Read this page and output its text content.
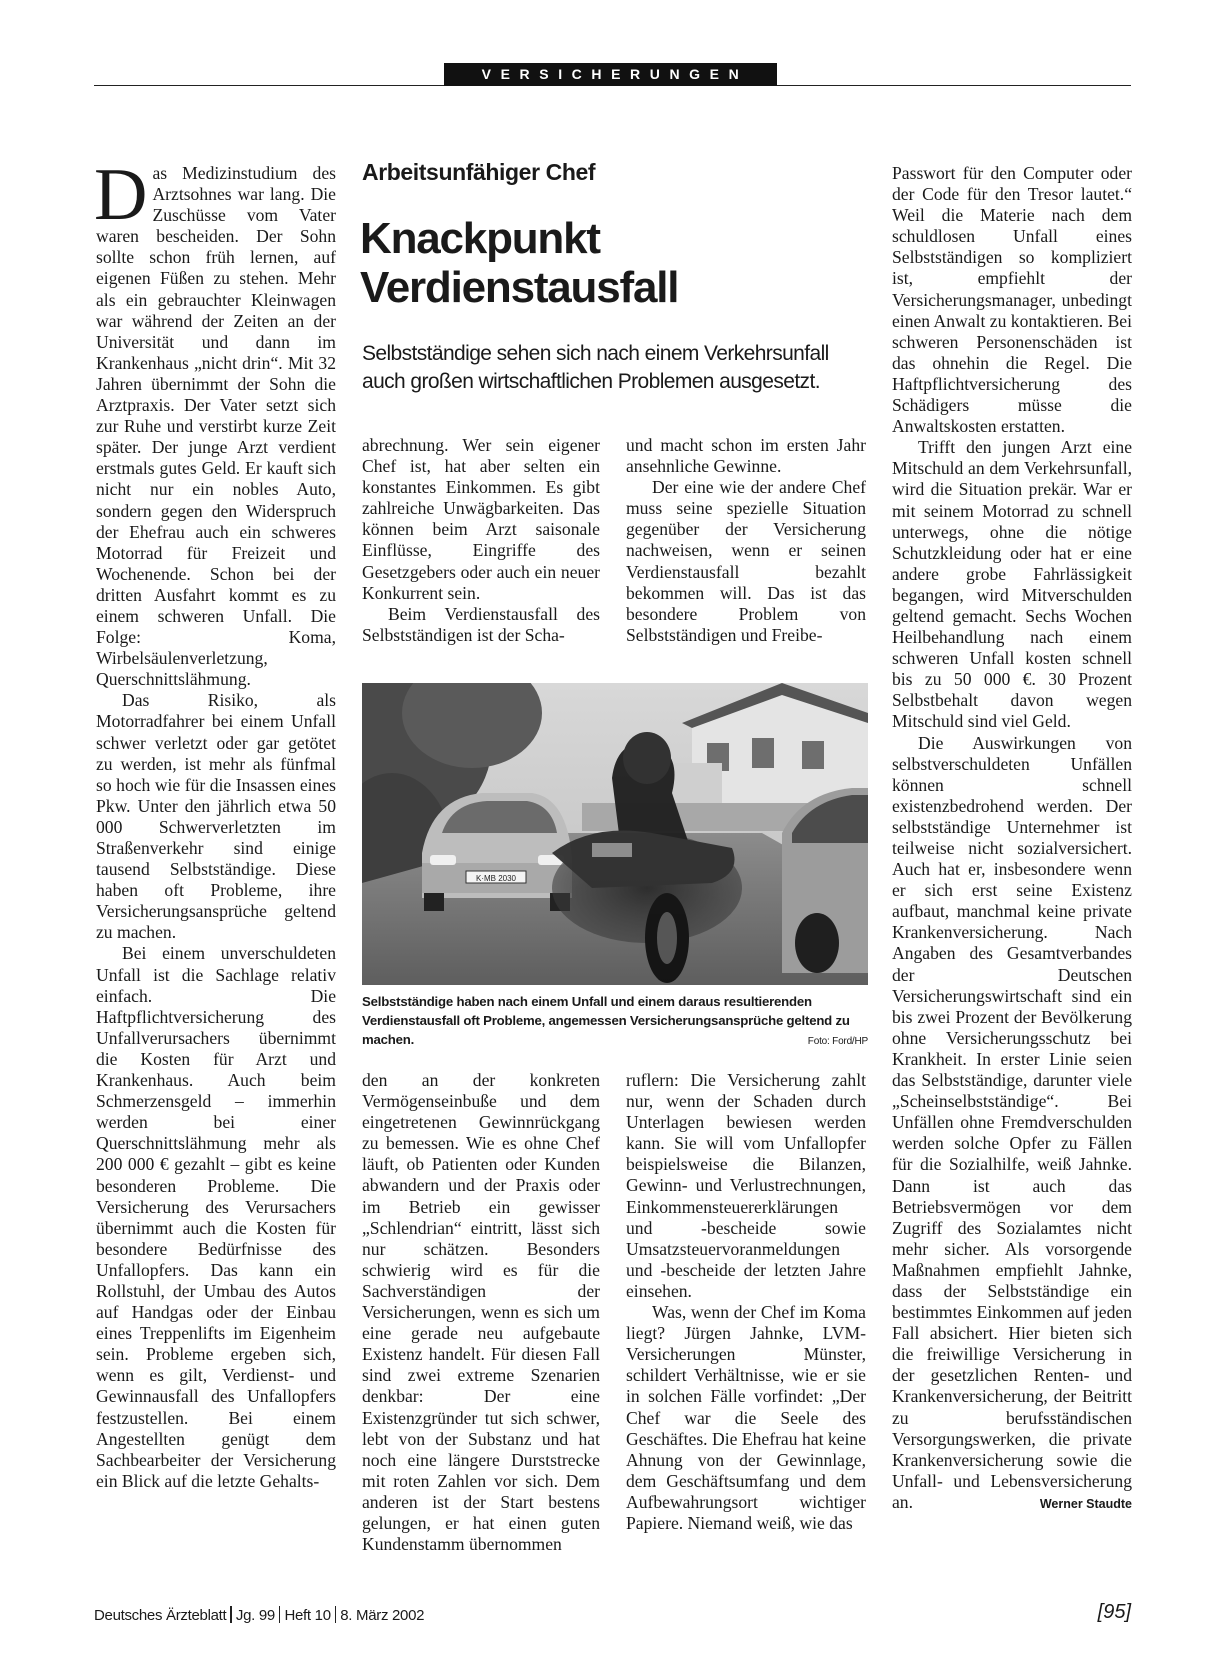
VERSICHERUNGEN

Das Medizinstudium des Arztsohnes war lang. Die Zuschüsse vom Vater waren bescheiden. Der Sohn sollte schon früh lernen, auf eigenen Füßen zu stehen. Mehr als ein gebrauchter Kleinwagen war während der Zeiten an der Universität und dann im Krankenhaus „nicht drin“. Mit 32 Jahren übernimmt der Sohn die Arztpraxis. Der Vater setzt sich zur Ruhe und verstirbt kurze Zeit später. Der junge Arzt verdient erstmals gutes Geld. Er kauft sich nicht nur ein nobles Auto, sondern gegen den Widerspruch der Ehefrau auch ein schweres Motorrad für Freizeit und Wochenende. Schon bei der dritten Ausfahrt kommt es zu einem schweren Unfall. Die Folge: Koma, Wirbelsäulenverletzung, Querschnittslähmung.

Das Risiko, als Motorradfahrer bei einem Unfall schwer verletzt oder gar getötet zu werden, ist mehr als fünfmal so hoch wie für die Insassen eines Pkw. Unter den jährlich etwa 50 000 Schwerverletzten im Straßenverkehr sind einige tausend Selbstständige. Diese haben oft Probleme, ihre Versicherungsansprüche geltend zu machen.

Bei einem unverschuldeten Unfall ist die Sachlage relativ einfach. Die Haftpflichtversicherung des Unfallverursachers übernimmt die Kosten für Arzt und Krankenhaus. Auch beim Schmerzensgeld – immerhin werden bei einer Querschnittslähmung mehr als 200 000 € gezahlt – gibt es keine besonderen Probleme. Die Versicherung des Verursachers übernimmt auch die Kosten für besondere Bedürfnisse des Unfallopfers. Das kann ein Rollstuhl, der Umbau des Autos auf Handgas oder der Einbau eines Treppenlifts im Eigenheim sein. Probleme ergeben sich, wenn es gilt, Verdienst- und Gewinnausfall des Unfallopfers festzustellen. Bei einem Angestellten genügt dem Sachbearbeiter der Versicherung ein Blick auf die letzte Gehalts-

Arbeitsunfähiger Chef
Knackpunkt Verdienstausfall

Selbstständige sehen sich nach einem Verkehrsunfall auch großen wirtschaftlichen Problemen ausgesetzt.

abrechnung. Wer sein eigener Chef ist, hat aber selten ein konstantes Einkommen. Es gibt zahlreiche Unwägbarkeiten. Das können beim Arzt saisonale Einflüsse, Eingriffe des Gesetzgebers oder auch ein neuer Konkurrent sein.

Beim Verdienstausfall des Selbstständigen ist der Scha-

und macht schon im ersten Jahr ansehnliche Gewinne.

Der eine wie der andere Chef muss seine spezielle Situation gegenüber der Versicherung nachweisen, wenn er seinen Verdienstausfall bezahlt bekommen will. Das ist das besondere Problem von Selbstständigen und Freibe-

K·MB 2030

Selbstständige haben nach einem Unfall und einem daraus resultierenden Verdienstausfall oft Probleme, angemessen Versicherungsansprüche geltend zu machen.	Foto: Ford/HP

den an der konkreten Vermögenseinbuße und dem eingetretenen Gewinnrückgang zu bemessen. Wie es ohne Chef läuft, ob Patienten oder Kunden abwandern und der Praxis oder im Betrieb ein gewisser „Schlendrian“ eintritt, lässt sich nur schätzen. Besonders schwierig wird es für die Sachverständigen der Versicherungen, wenn es sich um eine gerade neu aufgebaute Existenz handelt. Für diesen Fall sind zwei extreme Szenarien denkbar: Der eine Existenzgründer tut sich schwer, lebt von der Substanz und hat noch eine längere Durststrecke mit roten Zahlen vor sich. Dem anderen ist der Start bestens gelungen, er hat einen guten Kundenstamm übernommen

ruflern: Die Versicherung zahlt nur, wenn der Schaden durch Unterlagen bewiesen werden kann. Sie will vom Unfallopfer beispielsweise die Bilanzen, Gewinn- und Verlustrechnungen, Einkommensteuererklärungen und -bescheide sowie Umsatzsteuervoranmeldungen und -bescheide der letzten Jahre einsehen.

Was, wenn der Chef im Koma liegt? Jürgen Jahnke, LVM-Versicherungen Münster, schildert Verhältnisse, wie er sie in solchen Fälle vorfindet: „Der Chef war die Seele des Geschäftes. Die Ehefrau hat keine Ahnung von der Gewinnlage, dem Geschäftsumfang und dem Aufbewahrungsort wichtiger Papiere. Niemand weiß, wie das

Passwort für den Computer oder der Code für den Tresor lautet.“ Weil die Materie nach dem schuldlosen Unfall eines Selbstständigen so kompliziert ist, empfiehlt der Versicherungsmanager, unbedingt einen Anwalt zu kontaktieren. Bei schweren Personenschäden ist das ohnehin die Regel. Die Haftpflichtversicherung des Schädigers müsse die Anwaltskosten erstatten.

Trifft den jungen Arzt eine Mitschuld an dem Verkehrsunfall, wird die Situation prekär. War er mit seinem Motorrad zu schnell unterwegs, ohne die nötige Schutzkleidung oder hat er eine andere grobe Fahrlässigkeit begangen, wird Mitverschulden geltend gemacht. Sechs Wochen Heilbehandlung nach einem schweren Unfall kosten schnell bis zu 50 000 €. 30 Prozent Selbstbehalt davon wegen Mitschuld sind viel Geld.

Die Auswirkungen von selbstverschuldeten Unfällen können schnell existenzbedrohend werden. Der selbstständige Unternehmer ist teilweise nicht sozialversichert. Auch hat er, insbesondere wenn er sich erst seine Existenz aufbaut, manchmal keine private Krankenversicherung. Nach Angaben des Gesamtverbandes der Deutschen Versicherungswirtschaft sind ein bis zwei Prozent der Bevölkerung ohne Versicherungsschutz bei Krankheit. In erster Linie seien das Selbstständige, darunter viele „Scheinselbstständige“. Bei Unfällen ohne Fremdverschulden werden solche Opfer zu Fällen für die Sozialhilfe, weiß Jahnke. Dann ist auch das Betriebsvermögen vor dem Zugriff des Sozialamtes nicht mehr sicher. Als vorsorgende Maßnahmen empfiehlt Jahnke, dass der Selbstständige ein bestimmtes Einkommen auf jeden Fall absichert. Hier bieten sich die freiwillige Versicherung in der gesetzlichen Renten- und Krankenversicherung, der Beitritt zu berufsständischen Versorgungswerken, die private Krankenversicherung sowie die Unfall- und Lebensversicherung an.	Werner Staudte

Deutsches Ärzteblatt Jg. 99 Heft 10 8. März 2002	[95]
